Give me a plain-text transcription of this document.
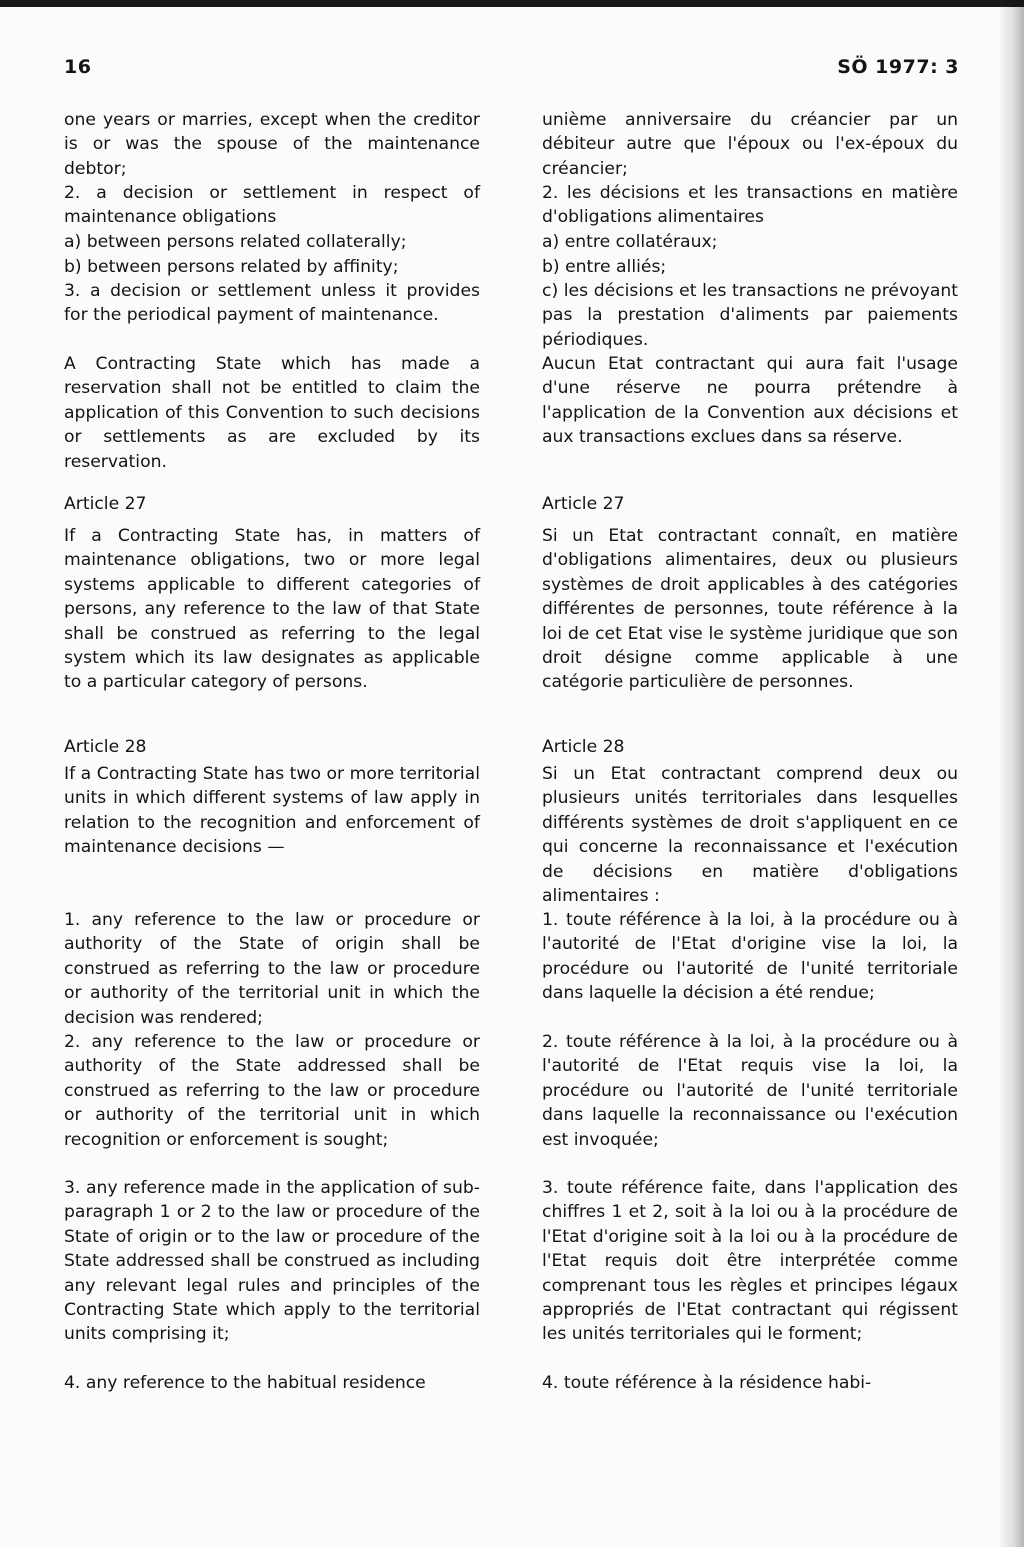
16	SÖ 1977: 3

one years or marries, except when the creditor is or was the spouse of the maintenance debtor;

2. a decision or settlement in respect of maintenance obligations

a) between persons related collaterally;

b) between persons related by affinity;

3. a decision or settlement unless it provides for the periodical payment of maintenance.

A Contracting State which has made a reservation shall not be entitled to claim the application of this Convention to such decisions or settlements as are excluded by its reservation.

Article 27

If a Contracting State has, in matters of maintenance obligations, two or more legal systems applicable to different categories of persons, any reference to the law of that State shall be construed as referring to the legal system which its law designates as applicable to a particular category of persons.

Article 28

If a Contracting State has two or more territorial units in which different systems of law apply in relation to the recognition and enforcement of maintenance decisions —

1. any reference to the law or procedure or authority of the State of origin shall be construed as referring to the law or procedure or authority of the territorial unit in which the decision was rendered;

2. any reference to the law or procedure or authority of the State addressed shall be construed as referring to the law or procedure or authority of the territorial unit in which recognition or enforcement is sought;

3. any reference made in the application of sub-paragraph 1 or 2 to the law or procedure of the State of origin or to the law or procedure of the State addressed shall be construed as including any relevant legal rules and principles of the Contracting State which apply to the territorial units comprising it;

4. any reference to the habitual residence

unième anniversaire du créancier par un débiteur autre que l'époux ou l'ex-époux du créancier;

2. les décisions et les transactions en matière d'obligations alimentaires

a) entre collatéraux;

b) entre alliés;

c) les décisions et les transactions ne prévoyant pas la prestation d'aliments par paiements périodiques.

Aucun Etat contractant qui aura fait l'usage d'une réserve ne pourra prétendre à l'application de la Convention aux décisions et aux transactions exclues dans sa réserve.

Article 27

Si un Etat contractant connaît, en matière d'obligations alimentaires, deux ou plusieurs systèmes de droit applicables à des catégories différentes de personnes, toute référence à la loi de cet Etat vise le système juridique que son droit désigne comme applicable à une catégorie particulière de personnes.

Article 28

Si un Etat contractant comprend deux ou plusieurs unités territoriales dans lesquelles différents systèmes de droit s'appliquent en ce qui concerne la reconnaissance et l'exécution de décisions en matière d'obligations alimentaires :

1. toute référence à la loi, à la procédure ou à l'autorité de l'Etat d'origine vise la loi, la procédure ou l'autorité de l'unité territoriale dans laquelle la décision a été rendue;

2. toute référence à la loi, à la procédure ou à l'autorité de l'Etat requis vise la loi, la procédure ou l'autorité de l'unité territoriale dans laquelle la reconnaissance ou l'exécution est invoquée;

3. toute référence faite, dans l'application des chiffres 1 et 2, soit à la loi ou à la procédure de l'Etat d'origine soit à la loi ou à la procédure de l'Etat requis doit être interprétée comme comprenant tous les règles et principes légaux appropriés de l'Etat contractant qui régissent les unités territoriales qui le forment;

4. toute référence à la résidence habi-
